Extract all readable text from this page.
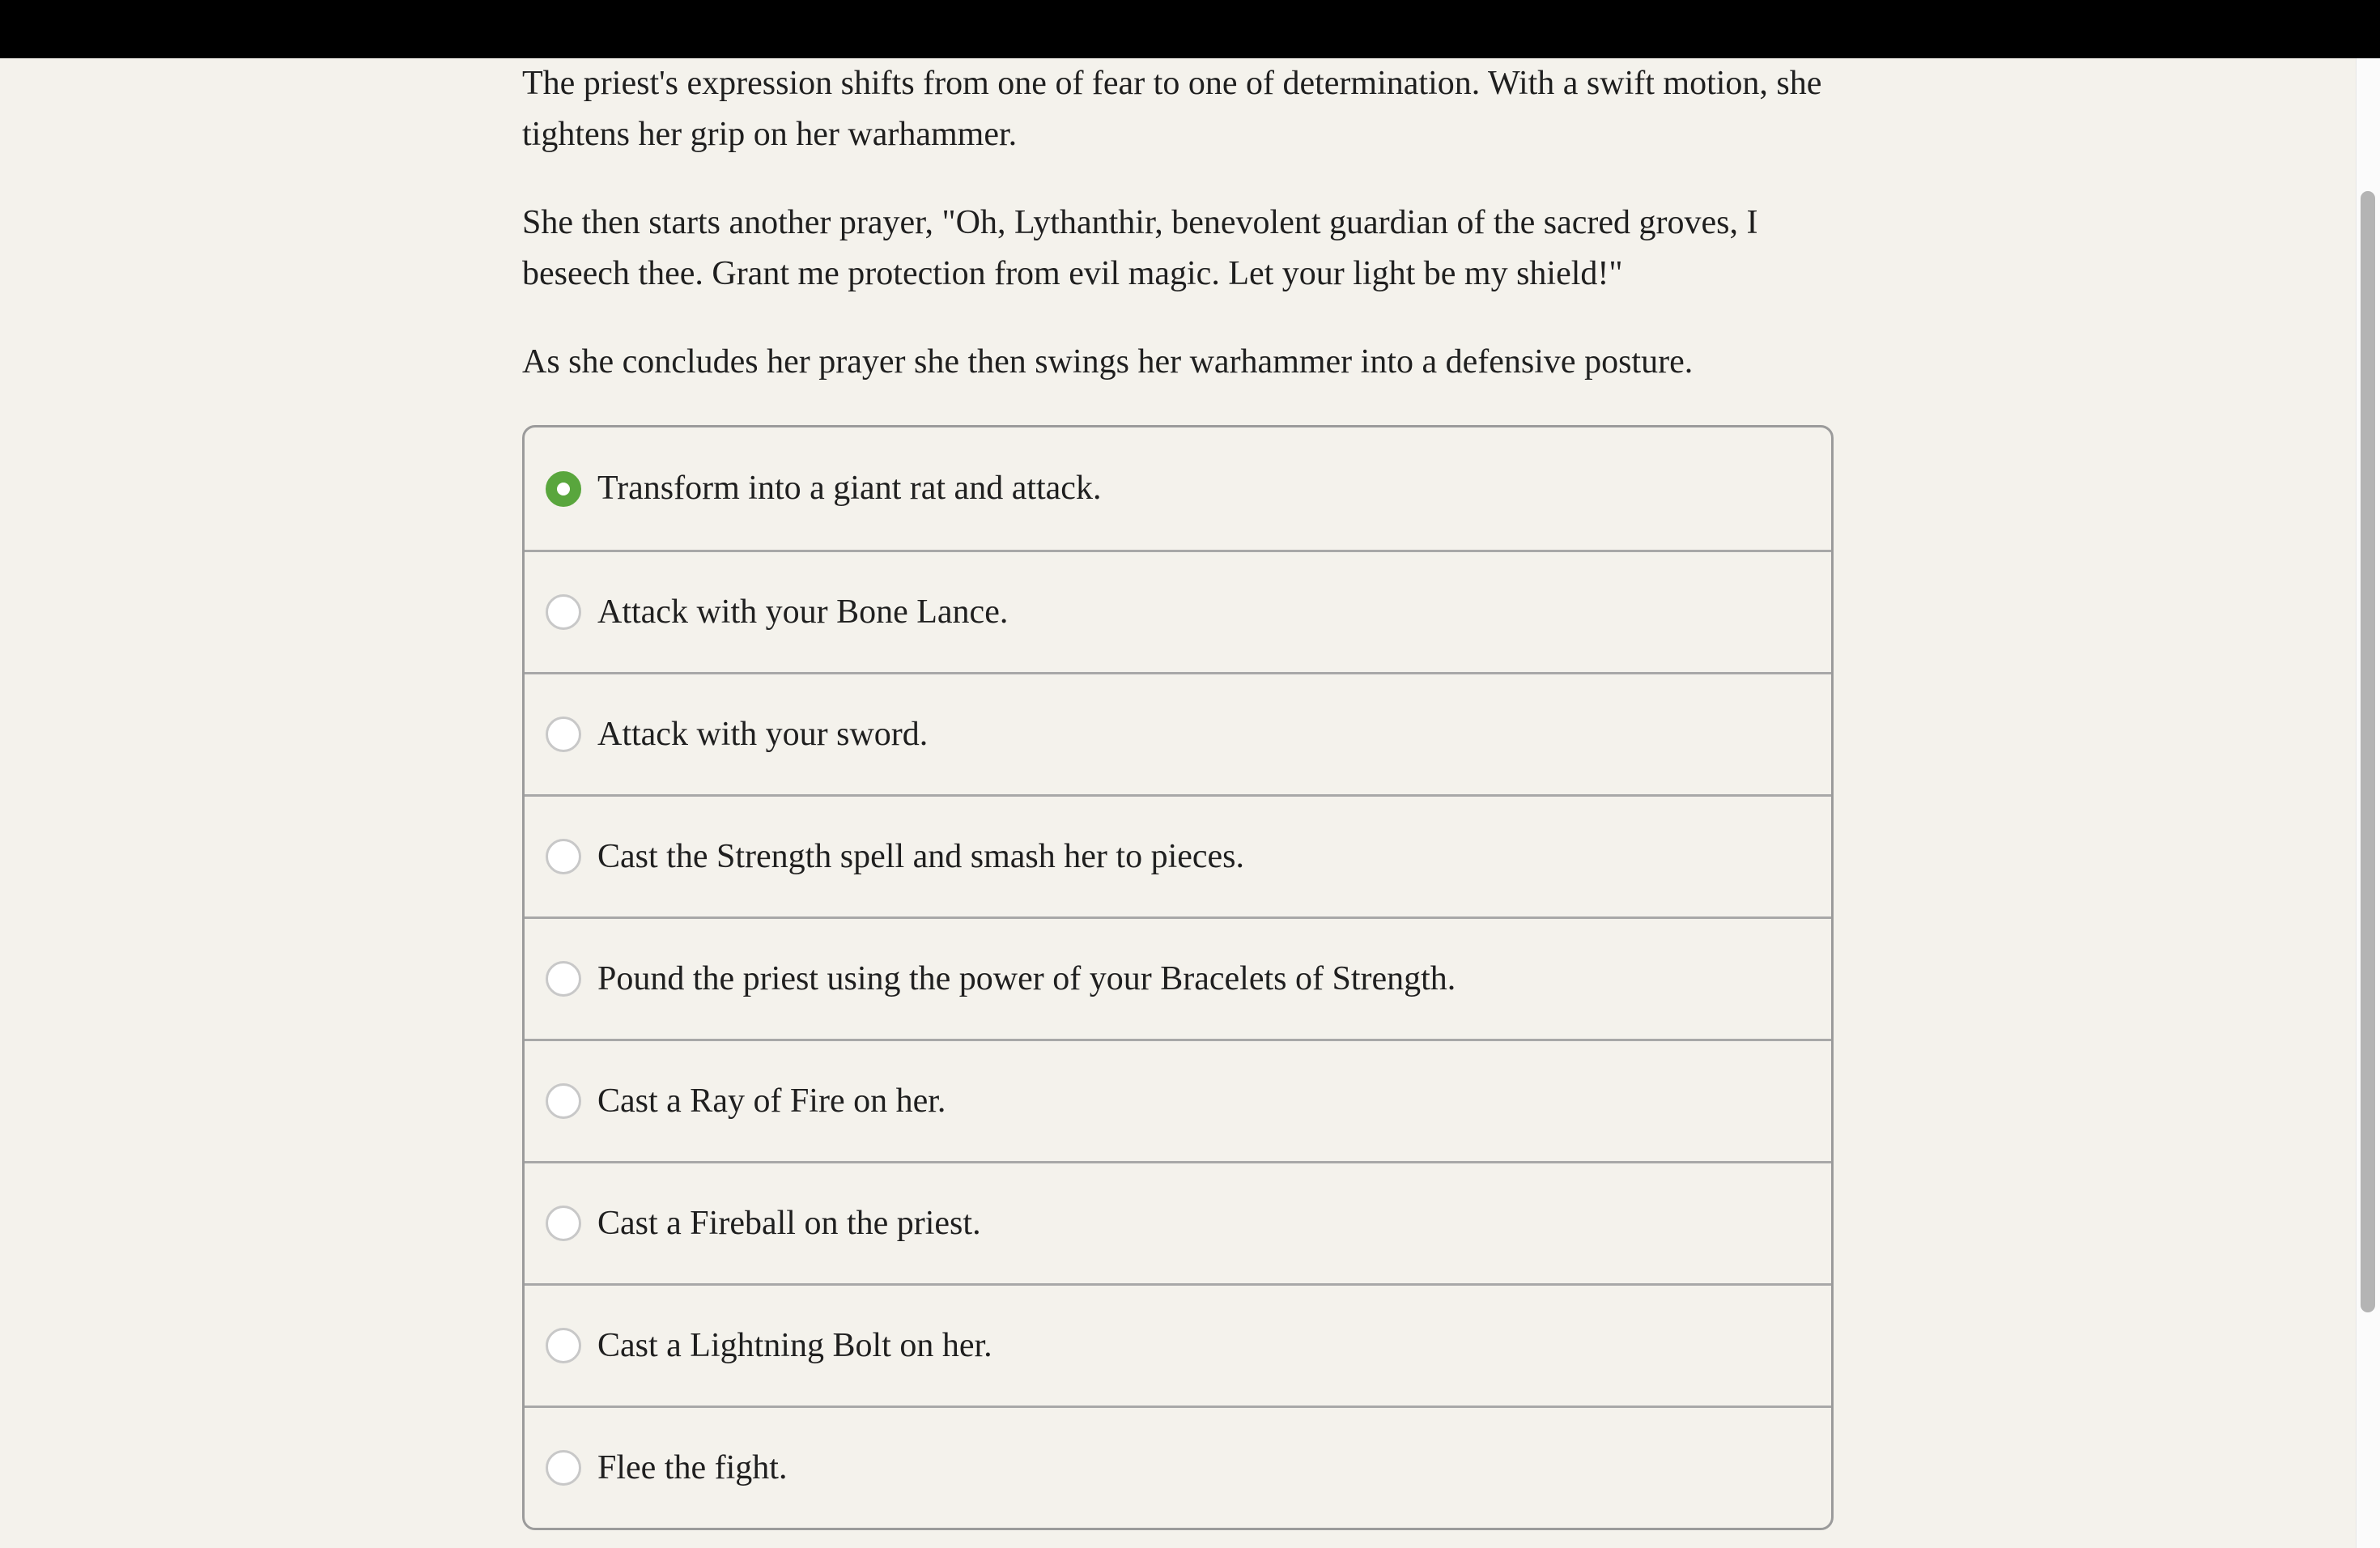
The priest's expression shifts from one of fear to one of determination. With a swift motion, she tightens her grip on her warhammer.

She then starts another prayer, "Oh, Lythanthir, benevolent guardian of the sacred groves, I beseech thee. Grant me protection from evil magic. Let your light be my shield!"

As she concludes her prayer she then swings her warhammer into a defensive posture.

Transform into a giant rat and attack.
Attack with your Bone Lance.
Attack with your sword.
Cast the Strength spell and smash her to pieces.
Pound the priest using the power of your Bracelets of Strength.
Cast a Ray of Fire on her.
Cast a Fireball on the priest.
Cast a Lightning Bolt on her.
Flee the fight.
